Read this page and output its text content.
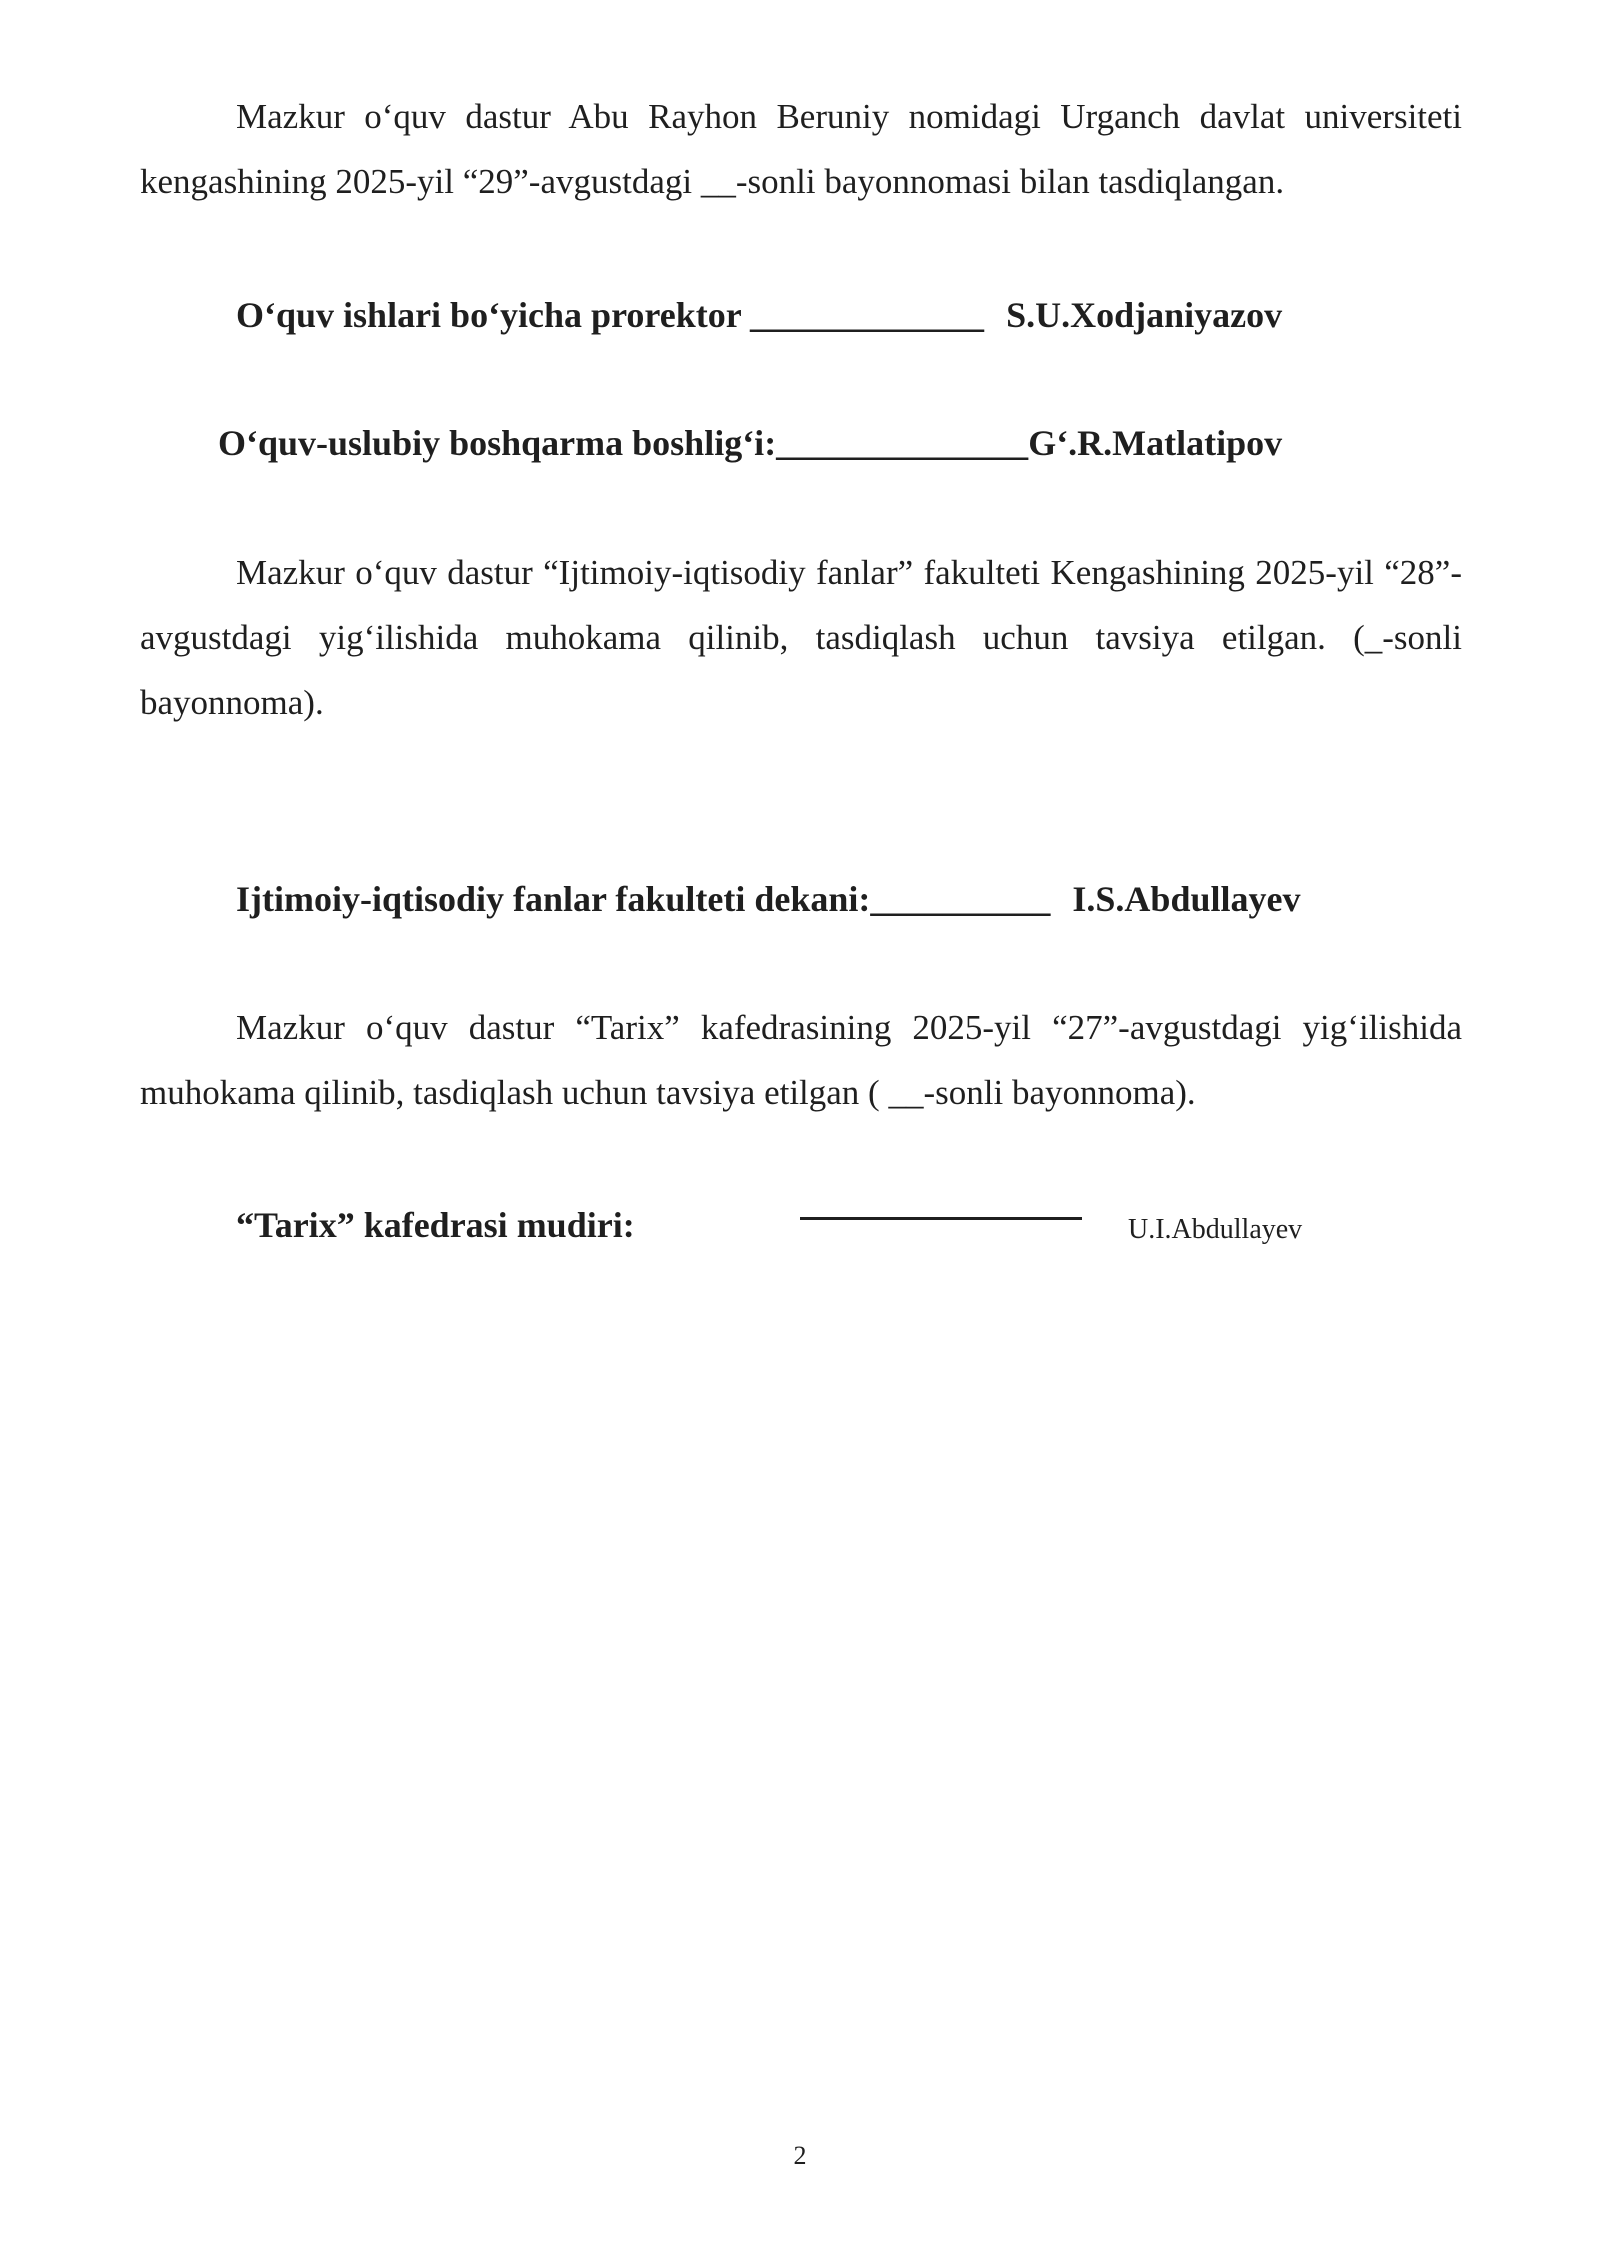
Mazkur o‘quv dastur Abu Rayhon Beruniy nomidagi Urganch davlat universiteti kengashining 2025-yil “29”-avgustdagi __-sonli bayonnomasi bilan tasdiqlangan.

O‘quv ishlari bo‘yicha prorektor _____________ S.U.Xodjaniyazov

O‘quv-uslubiy boshqarma boshlig‘i:______________G‘.R.Matlatipov

Mazkur o‘quv dastur “Ijtimoiy-iqtisodiy fanlar” fakulteti Kengashining 2025-yil “28”-avgustdagi yig‘ilishida muhokama qilinib, tasdiqlash uchun tavsiya etilgan. (_-sonli bayonnoma).

Ijtimoiy-iqtisodiy fanlar fakulteti dekani:__________ I.S.Abdullayev

Mazkur o‘quv dastur “Tarix” kafedrasining 2025-yil “27”-avgustdagi yig‘ilishida muhokama qilinib, tasdiqlash uchun tavsiya etilgan ( __-sonli bayonnoma).

“Tarix” kafedrasi mudiri:	U.I.Abdullayev

2
